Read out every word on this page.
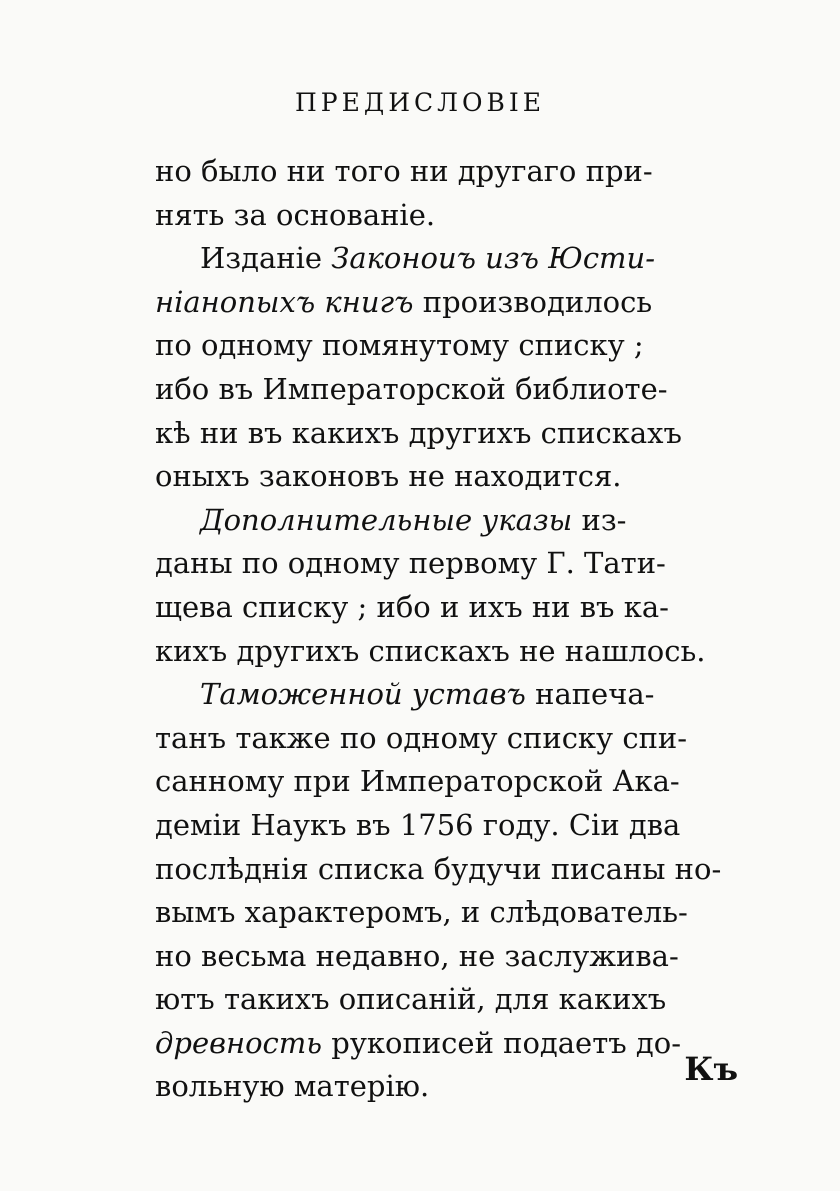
ПРЕДИСЛОВІЕ
но было ни того ни другаго при-
нять за основаніе.
Изданіе Законоиъ изъ Юсти-
ніанопыхъ книгъ производилось
по одному помянутому списку ;
ибо въ Императорской библиоте-
кѣ ни въ какихъ другихъ спискахъ
оныхъ законовъ не находится.
Дополнительные указы из-
даны по одному первому Г. Тати-
щева списку ; ибо и ихъ ни въ ка-
кихъ другихъ спискахъ не нашлось.
Таможенной уставъ напеча-
танъ также по одному списку спи-
санному при Императорской Ака-
деміи Наукъ въ 1756 году. Сіи два
послѣднія списка будучи писаны но-
вымъ характеромъ, и слѣдователь-
но весьма недавно, не заслужива-
ютъ такихъ описаній, для какихъ
древность рукописей подаетъ до-
вольную матерію.	Къ
